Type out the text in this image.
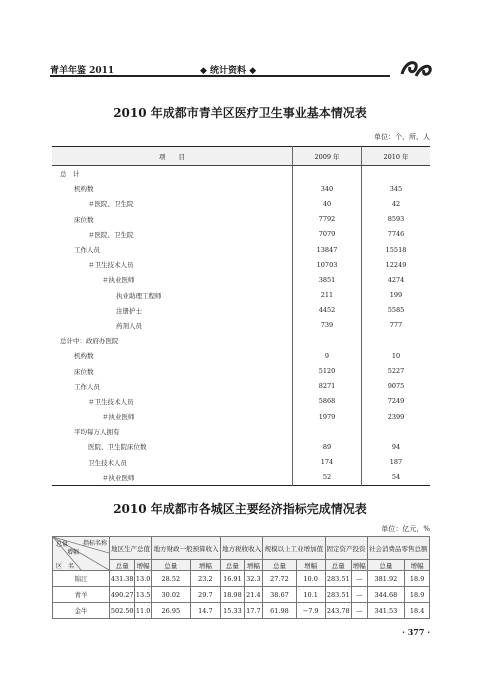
青羊年鉴 2011	◆ 统计资料 ◆
2010 年成都市青羊区医疗卫生事业基本情况表
单位：个、所、人
项　　目	2009 年	2010 年
总　计		
机构数	340	345
＃医院、卫生院	40	42
床位数	7792	8593
＃医院、卫生院	7079	7746
工作人员	13847	15518
＃卫生技术人员	10703	12249
＃执业医师	3851	4274
执业助理工程师	211	199
注册护士	4452	5585
药剂人员	739	777
总计中：政府办医院		
机构数	9	10
床位数	5120	5227
工作人员	8271	9075
＃卫生技术人员	5868	7249
＃执业医师	1979	2399
平均每万人拥有		
医院、卫生院床位数	89	94
卫生技术人员	174	187
＃执业医师	52	54
2010 年成都市各城区主要经济指标完成情况表
单位：亿元，%
总量
增幅
指标名称
区　名	地区生产总值		地方财政一般预算收入		地方税收收入		规模以上工业增加值		固定资产投资		社会消费品零售总额	
	总量	增幅	总量	增幅	总量	增幅	总量	增幅	总量	增幅	总量	增幅
锦江	431.38	13.0	28.52	23.2	16.91	32.3	27.72	10.0	283.51	—	381.92	18.9
青羊	490.27	13.5	30.02	29.7	18.98	21.4	38.67	10.1	283.51	—	344.68	18.9
金牛	502.50	11.0	26.95	14.7	15.33	17.7	61.98	−7.9	243.78	—	341.53	18.4
· 377 ·
